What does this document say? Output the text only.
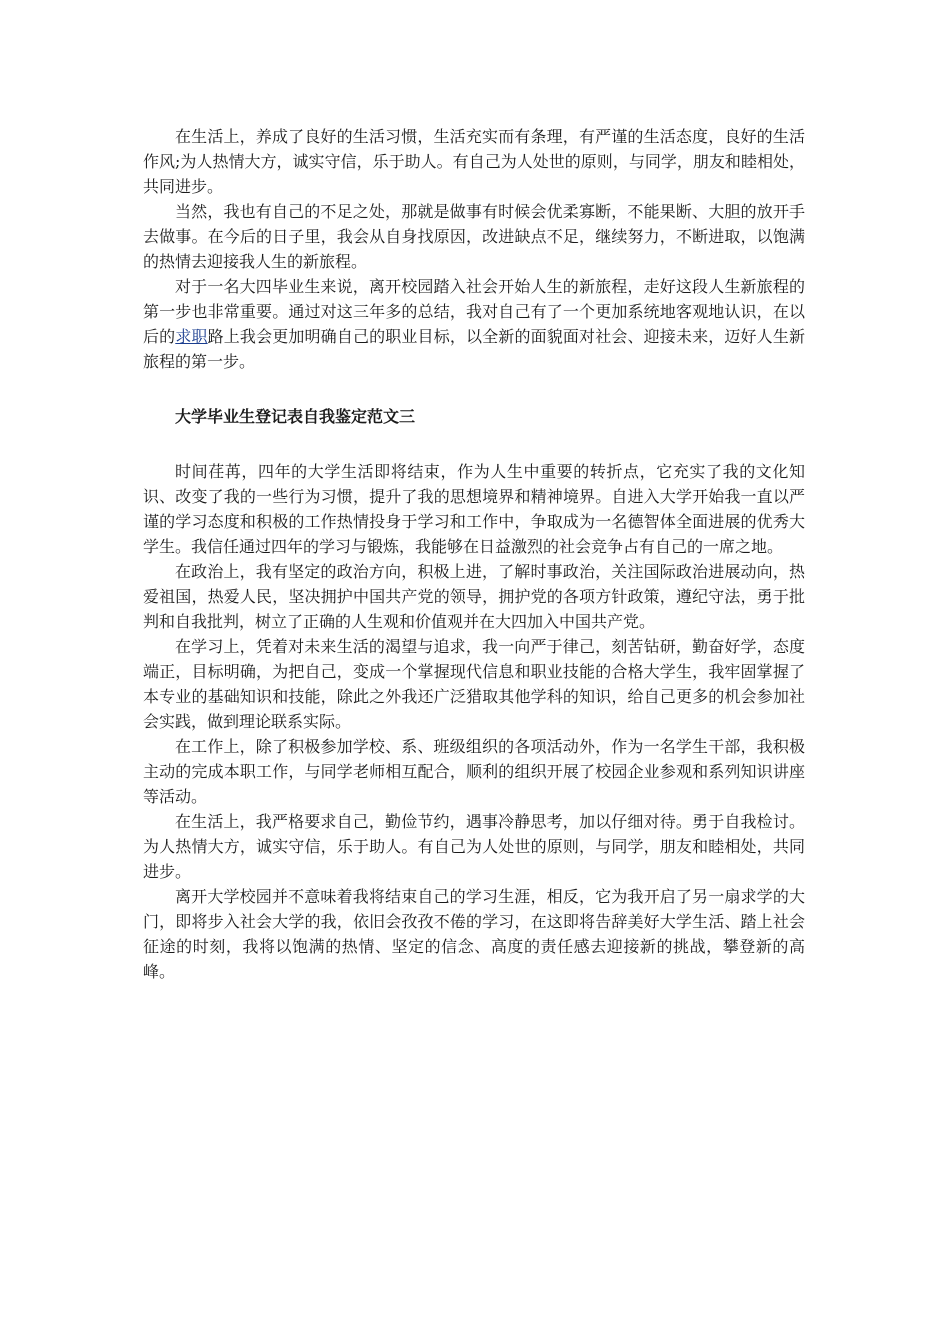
在生活上，养成了良好的生活习惯，生活充实而有条理，有严谨的生活态度，良好的生活作风;为人热情大方，诚实守信，乐于助人。有自己为人处世的原则，与同学，朋友和睦相处，共同进步。

当然，我也有自己的不足之处，那就是做事有时候会优柔寡断，不能果断、大胆的放开手去做事。在今后的日子里，我会从自身找原因，改进缺点不足，继续努力，不断进取，以饱满的热情去迎接我人生的新旅程。

对于一名大四毕业生来说，离开校园踏入社会开始人生的新旅程，走好这段人生新旅程的第一步也非常重要。通过对这三年多的总结，我对自己有了一个更加系统地客观地认识，在以后的求职路上我会更加明确自己的职业目标，以全新的面貌面对社会、迎接未来，迈好人生新旅程的第一步。

大学毕业生登记表自我鉴定范文三

时间荏苒，四年的大学生活即将结束，作为人生中重要的转折点，它充实了我的文化知识、改变了我的一些行为习惯，提升了我的思想境界和精神境界。自进入大学开始我一直以严谨的学习态度和积极的工作热情投身于学习和工作中，争取成为一名德智体全面进展的优秀大学生。我信任通过四年的学习与锻炼，我能够在日益激烈的社会竞争占有自己的一席之地。

在政治上，我有坚定的政治方向，积极上进，了解时事政治，关注国际政治进展动向，热爱祖国，热爱人民，坚决拥护中国共产党的领导，拥护党的各项方针政策，遵纪守法，勇于批判和自我批判，树立了正确的人生观和价值观并在大四加入中国共产党。

在学习上，凭着对未来生活的渴望与追求，我一向严于律己，刻苦钻研，勤奋好学，态度端正，目标明确，为把自己，变成一个掌握现代信息和职业技能的合格大学生，我牢固掌握了本专业的基础知识和技能，除此之外我还广泛猎取其他学科的知识，给自己更多的机会参加社会实践，做到理论联系实际。

在工作上，除了积极参加学校、系、班级组织的各项活动外，作为一名学生干部，我积极主动的完成本职工作，与同学老师相互配合，顺利的组织开展了校园企业参观和系列知识讲座等活动。

在生活上，我严格要求自己，勤俭节约，遇事冷静思考，加以仔细对待。勇于自我检讨。为人热情大方，诚实守信，乐于助人。有自己为人处世的原则，与同学，朋友和睦相处，共同进步。

离开大学校园并不意味着我将结束自己的学习生涯，相反，它为我开启了另一扇求学的大门，即将步入社会大学的我，依旧会孜孜不倦的学习，在这即将告辞美好大学生活、踏上社会征途的时刻，我将以饱满的热情、坚定的信念、高度的责任感去迎接新的挑战，攀登新的高峰。
